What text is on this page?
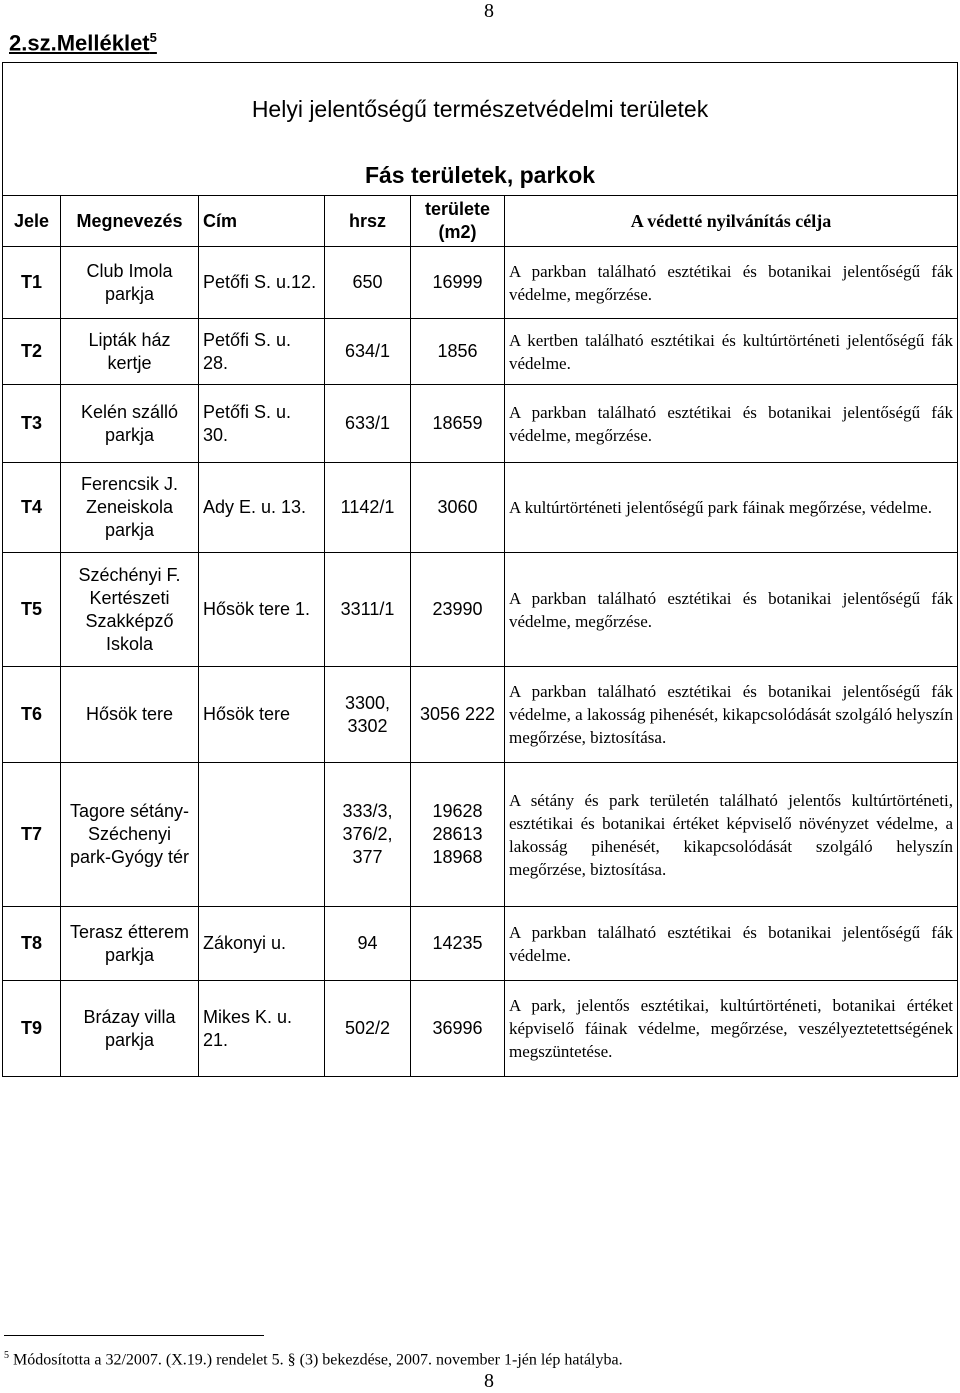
8
2.sz.Melléklet$^5$
Helyi jelentőségű természetvédelmi területek					
Fás területek, parkok					
Jele	Megnevezés	Cím	hrsz	területe (m2)	A védetté nyilvánítás célja
T1	Club Imola parkja	Petőfi S. u.12.	650	16999	A parkban található esztétikai és botanikai jelentőségű fák védelme, megőrzése.
T2	Lipták ház kertje	Petőfi S. u. 28.	634/1	1856	A kertben található esztétikai és kultúrtörténeti jelentőségű fák védelme.
T3	Kelén szálló parkja	Petőfi S. u. 30.	633/1	18659	A parkban található esztétikai és botanikai jelentőségű fák védelme, megőrzése.
T4	Ferencsik J. Zeneiskola parkja	Ady E. u. 13.	1142/1	3060	A kultúrtörténeti jelentőségű park fáinak megőrzése, védelme.
T5	Széchényi F. Kertészeti Szakképző Iskola	Hősök tere 1.	3311/1	23990	A parkban található esztétikai és botanikai jelentőségű fák védelme, megőrzése.
T6	Hősök tere	Hősök tere	3300, 3302	3056 222	A parkban található esztétikai és botanikai jelentőségű fák védelme, a lakosság pihenését, kikapcsolódását szolgáló helyszín megőrzése, biztosítása.
T7	Tagore sétány-Széchenyi park-Gyógy tér		333/3, 376/2, 377	19628 28613 18968	A sétány és park területén található jelentős kultúrtörténeti, esztétikai és botanikai értéket képviselő növényzet védelme, a lakosság pihenését, kikapcsolódását szolgáló helyszín megőrzése, biztosítása.
T8	Terasz étterem parkja	Zákonyi u.	94	14235	A parkban található esztétikai és botanikai jelentőségű fák védelme.
T9	Brázay villa parkja	Mikes K. u. 21.	502/2	36996	A park, jelentős esztétikai, kultúrtörténeti, botanikai értéket képviselő fáinak védelme, megőrzése, veszélyeztetettségének megszüntetése.
$^5$ Módosította a 32/2007. (X.19.) rendelet 5. § (3) bekezdése, 2007. november 1-jén lép hatályba.
8
